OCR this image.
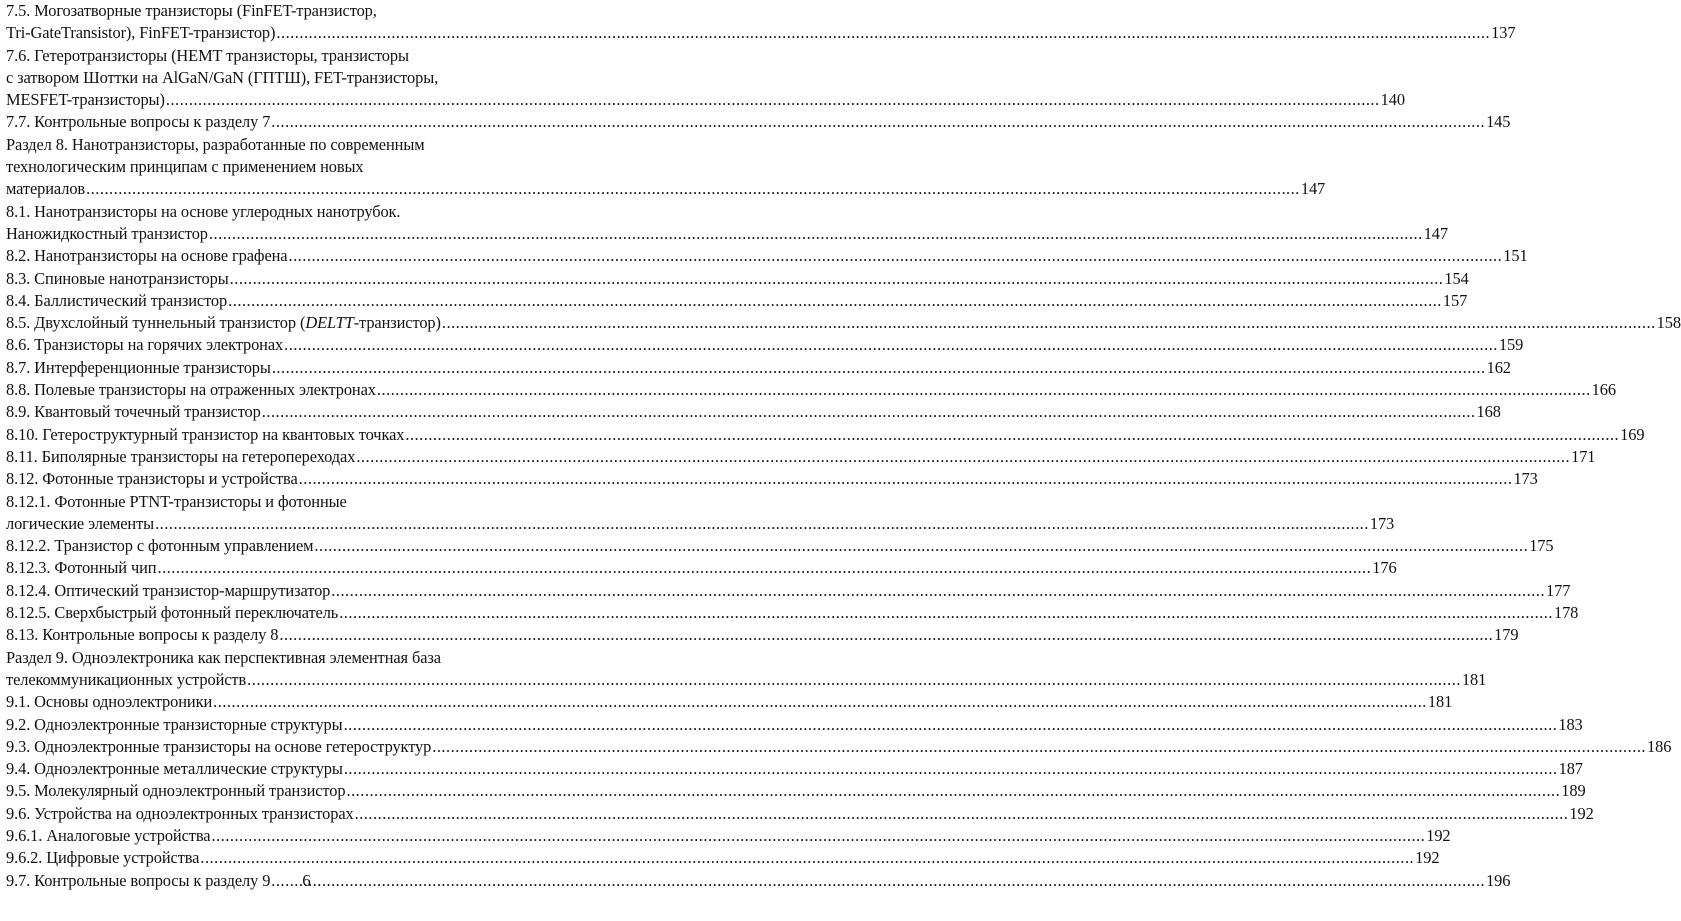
7.5. Могозатворные транзисторы (FinFET-транзистор,
Tri-GateTransistor), FinFET-транзистор) .....	137
7.6. Гетеротранзисторы (HEMT транзисторы, транзисторы
с затвором Шоттки на AlGaN/GaN (ГПТШ), FET-транзисторы,
MESFET-транзисторы) .....	140
7.7. Контрольные вопросы к разделу 7 .....	145
Раздел 8. Нанотранзисторы, разработанные по современным
технологическим принципам с применением новых
материалов .....	147
8.1. Нанотранзисторы на основе углеродных нанотрубок.
Наножидкостный транзистор .....	147
8.2. Нанотранзисторы на основе графена .....	151
8.3. Спиновые нанотранзисторы .....	154
8.4. Баллистический транзистор .....	157
8.5. Двухслойный туннельный транзистор (DELTT-транзистор) .....	158
8.6. Транзисторы на горячих электронах .....	159
8.7. Интерференционные транзисторы .....	162
8.8. Полевые транзисторы на отраженных электронах .....	166
8.9. Квантовый точечный транзистор .....	168
8.10. Гетероструктурный транзистор на квантовых точках .....	169
8.11. Биполярные транзисторы на гетеропереходах .....	171
8.12. Фотонные транзисторы и устройства .....	173
8.12.1. Фотонные PTNT-транзисторы и фотонные
логические элементы .....	173
8.12.2. Транзистор с фотонным управлением .....	175
8.12.3. Фотонный чип .....	176
8.12.4. Оптический транзистор-маршрутизатор .....	177
8.12.5. Сверхбыстрый фотонный переключатель .....	178
8.13. Контрольные вопросы к разделу 8 .....	179
Раздел 9. Одноэлектроника как перспективная элементная база
телекоммуникационных устройств .....	181
9.1. Основы одноэлектроники .....	181
9.2. Одноэлектронные транзисторные структуры .....	183
9.3. Одноэлектронные транзисторы на основе гетероструктур .....	186
9.4. Одноэлектронные металлические структуры .....	187
9.5. Молекулярный одноэлектронный транзистор .....	189
9.6. Устройства на одноэлектронных транзисторах .....	192
9.6.1. Аналоговые устройства .....	192
9.6.2. Цифровые устройства .....	192
9.7. Контрольные вопросы к разделу 9 .....	196
6
